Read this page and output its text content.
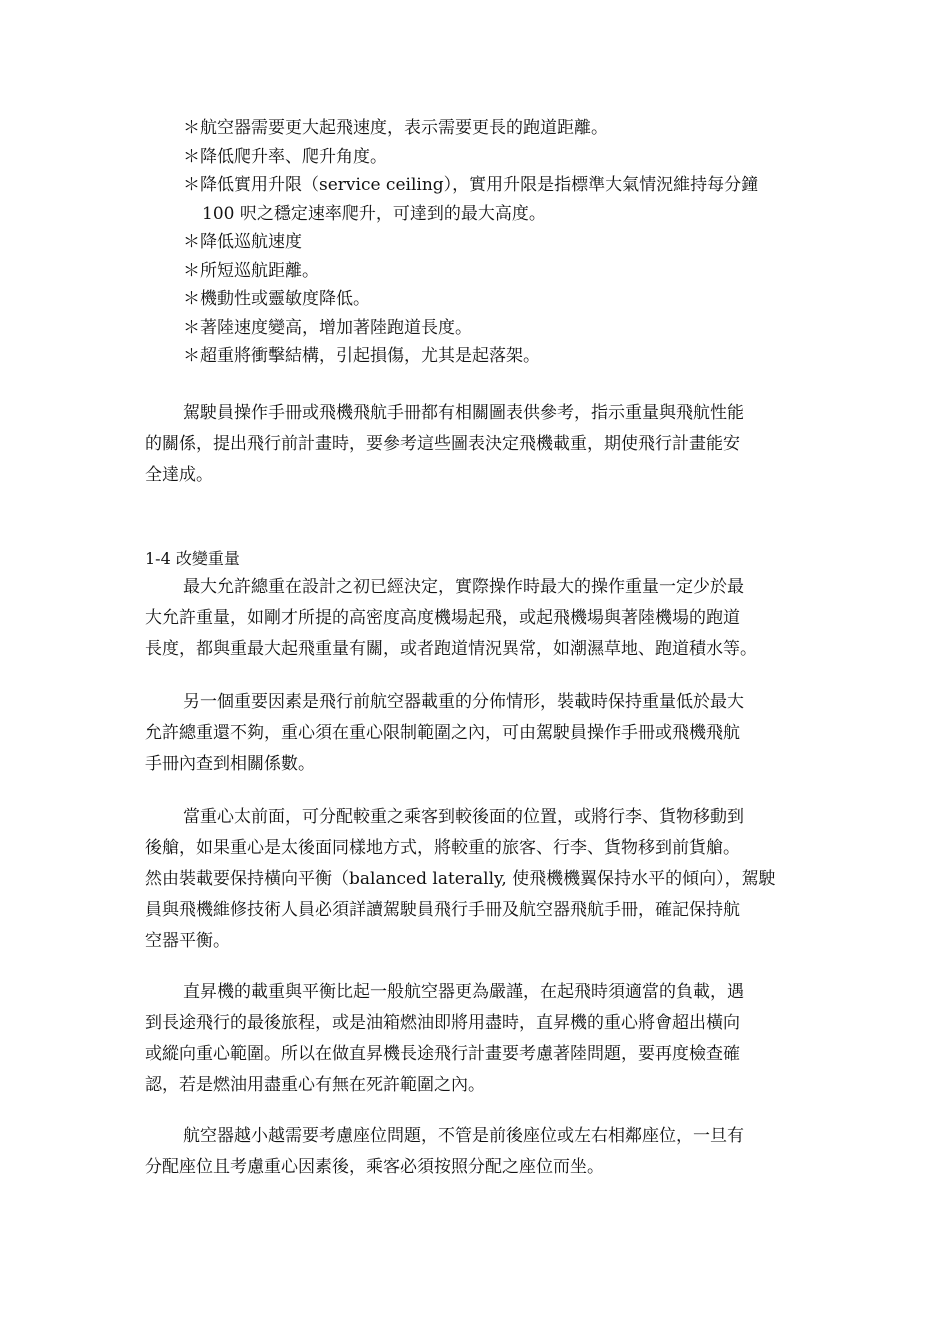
＊航空器需要更大起飛速度，表示需要更長的跑道距離。
＊降低爬升率、爬升角度。
＊降低實用升限（service ceiling），實用升限是指標準大氣情況維持每分鐘
100 呎之穩定速率爬升，可達到的最大高度。
＊降低巡航速度
＊所短巡航距離。
＊機動性或靈敏度降低。
＊著陸速度變高，增加著陸跑道長度。
＊超重將衝擊結構，引起損傷，尤其是起落架。

駕駛員操作手冊或飛機飛航手冊都有相關圖表供參考，指示重量與飛航性能
的關係，提出飛行前計畫時，要參考這些圖表決定飛機載重，期使飛行計畫能安
全達成。

1-4 改變重量

最大允許總重在設計之初已經決定，實際操作時最大的操作重量一定少於最
大允許重量，如剛才所提的高密度高度機場起飛，或起飛機場與著陸機場的跑道
長度，都與重最大起飛重量有關，或者跑道情況異常，如潮濕草地、跑道積水等。

另一個重要因素是飛行前航空器載重的分佈情形，裝載時保持重量低於最大
允許總重還不夠，重心須在重心限制範圍之內，可由駕駛員操作手冊或飛機飛航
手冊內查到相關係數。

當重心太前面，可分配較重之乘客到較後面的位置，或將行李、貨物移動到
後艙，如果重心是太後面同樣地方式，將較重的旅客、行李、貨物移到前貨艙。
然由裝載要保持橫向平衡（balanced laterally, 使飛機機翼保持水平的傾向），駕駛
員與飛機維修技術人員必須詳讀駕駛員飛行手冊及航空器飛航手冊，確記保持航
空器平衡。

直昇機的載重與平衡比起一般航空器更為嚴謹，在起飛時須適當的負載，遇
到長途飛行的最後旅程，或是油箱燃油即將用盡時，直昇機的重心將會超出橫向
或縱向重心範圍。所以在做直昇機長途飛行計畫要考慮著陸問題，要再度檢查確
認，若是燃油用盡重心有無在死許範圍之內。

航空器越小越需要考慮座位問題，不管是前後座位或左右相鄰座位，一旦有
分配座位且考慮重心因素後，乘客必須按照分配之座位而坐。
